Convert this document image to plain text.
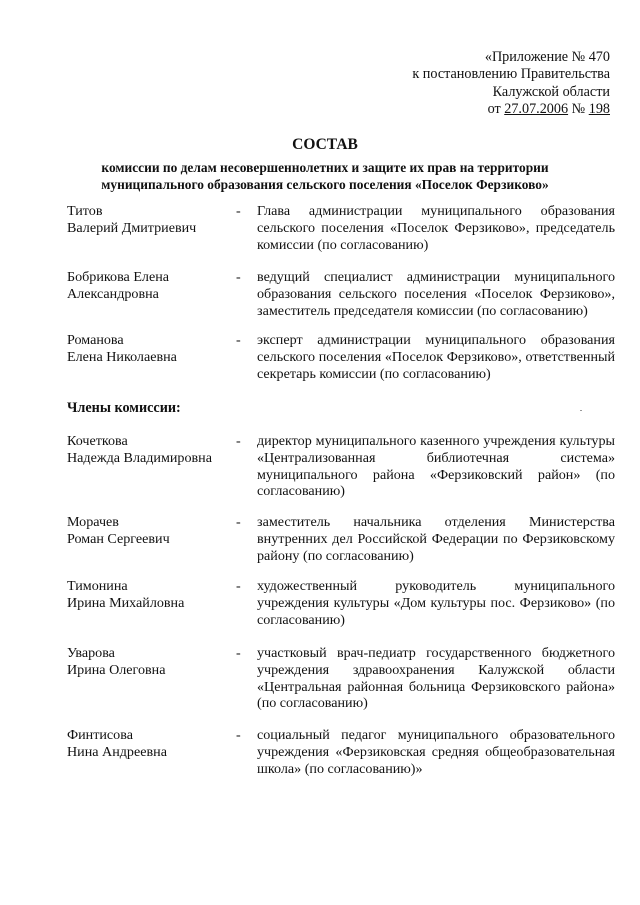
«Приложение № 470
к постановлению Правительства
Калужской области
от 27.07.2006 № 198
СОСТАВ
комиссии по делам несовершеннолетних и защите их прав на территории
муниципального образования сельского поселения «Поселок Ферзиково»
Титов
Валерий Дмитриевич
-	Глава администрации муниципального образования сельского поселения «Поселок Ферзиково», председатель комиссии (по согласованию)
Бобрикова Елена
Александровна
-	ведущий специалист администрации муниципального образования сельского поселения «Поселок Ферзиково», заместитель председателя комиссии (по согласованию)
Романова
Елена Николаевна
-	эксперт администрации муниципального образования сельского поселения «Поселок Ферзиково», ответственный секретарь комиссии (по согласованию)
Члены комиссии:
Кочеткова
Надежда Владимировна
-	директор муниципального казенного учреждения культуры «Централизованная библиотечная система» муниципального района «Ферзиковский район» (по согласованию)
Морачев
Роман Сергеевич
-	заместитель начальника отделения Министерства внутренних дел Российской Федерации по Ферзиковскому району (по согласованию)
Тимонина
Ирина Михайловна
-	художественный руководитель муниципального учреждения культуры «Дом культуры пос. Ферзиково» (по согласованию)
Уварова
Ирина Олеговна
-	участковый врач-педиатр государственного бюджетного учреждения здравоохранения Калужской области «Центральная районная больница Ферзиковского района» (по согласованию)
Финтисова
Нина Андреевна
-	социальный педагог муниципального образовательного учреждения «Ферзиковская средняя общеобразовательная школа» (по согласованию)»
